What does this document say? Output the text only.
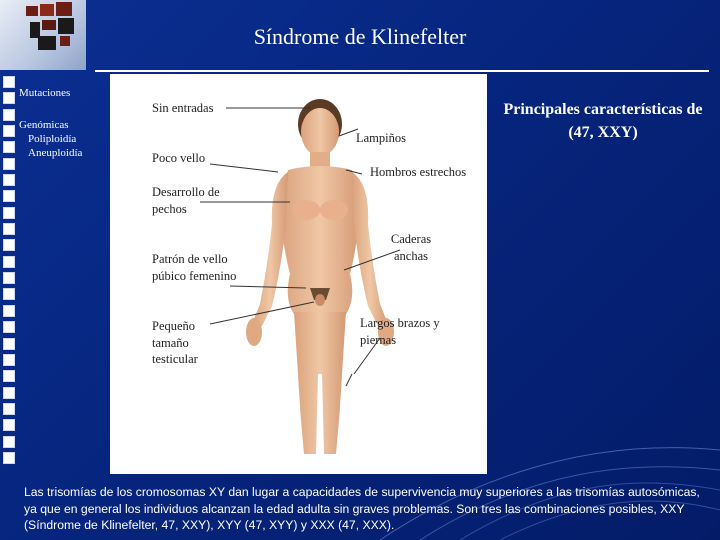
Síndrome de Klinefelter
Mutaciones
Genómicas
Poliploidía
Aneuploidía
Sin entradas
Lampiños
Poco vello
Hombros estrechos
Desarrollo de pechos
Caderas anchas
Patrón de vello púbico femenino
Largos brazos y piernas
Pequeño tamaño testicular
Principales características de (47, XXY)
Las trisomías de los cromosomas XY dan lugar a capacidades de supervivencia muy superiores a las trisomías autosómicas, ya que en general los individuos alcanzan la edad adulta sin graves problemas. Son tres las combinaciones posibles, XXY (Síndrome de Klinefelter, 47, XXY), XYY (47, XYY) y XXX (47, XXX).
